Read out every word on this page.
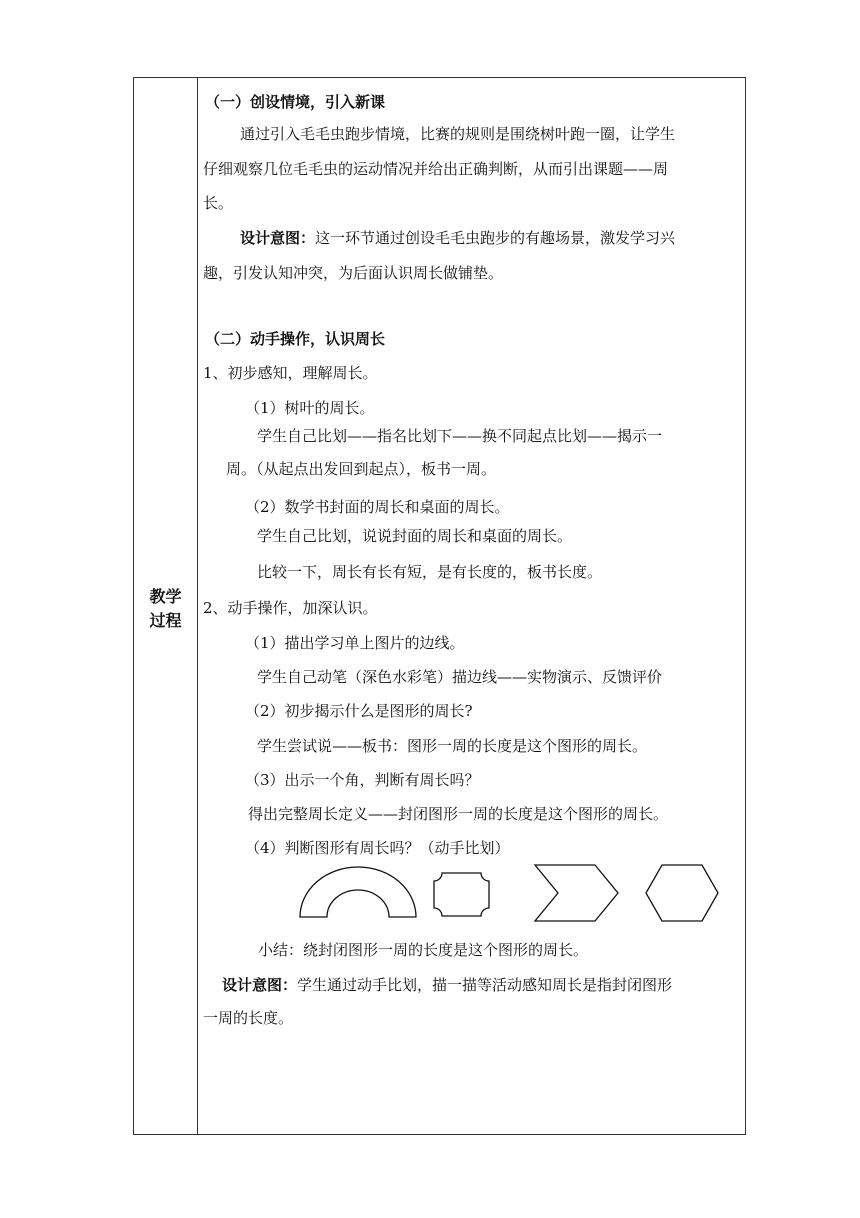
教学
过程
（一）创设情境，引入新课
通过引入毛毛虫跑步情境，比赛的规则是围绕树叶跑一圈，让学生
仔细观察几位毛毛虫的运动情况并给出正确判断，从而引出课题——周
长。
设计意图：这一环节通过创设毛毛虫跑步的有趣场景，激发学习兴
趣，引发认知冲突，为后面认识周长做铺垫。
（二）动手操作，认识周长
1、初步感知，理解周长。
（1）树叶的周长。
学生自己比划——指名比划下——换不同起点比划——揭示一
周。（从起点出发回到起点），板书一周。
（2）数学书封面的周长和桌面的周长。
学生自己比划，说说封面的周长和桌面的周长。
比较一下，周长有长有短，是有长度的，板书长度。
2、动手操作，加深认识。
（1）描出学习单上图片的边线。
学生自己动笔（深色水彩笔）描边线——实物演示、反馈评价
（2）初步揭示什么是图形的周长?
学生尝试说——板书：图形一周的长度是这个图形的周长。
（3）出示一个角，判断有周长吗？
得出完整周长定义——封闭图形一周的长度是这个图形的周长。
（4）判断图形有周长吗？（动手比划）
小结：绕封闭图形一周的长度是这个图形的周长。
设计意图：学生通过动手比划，描一描等活动感知周长是指封闭图形
一周的长度。
